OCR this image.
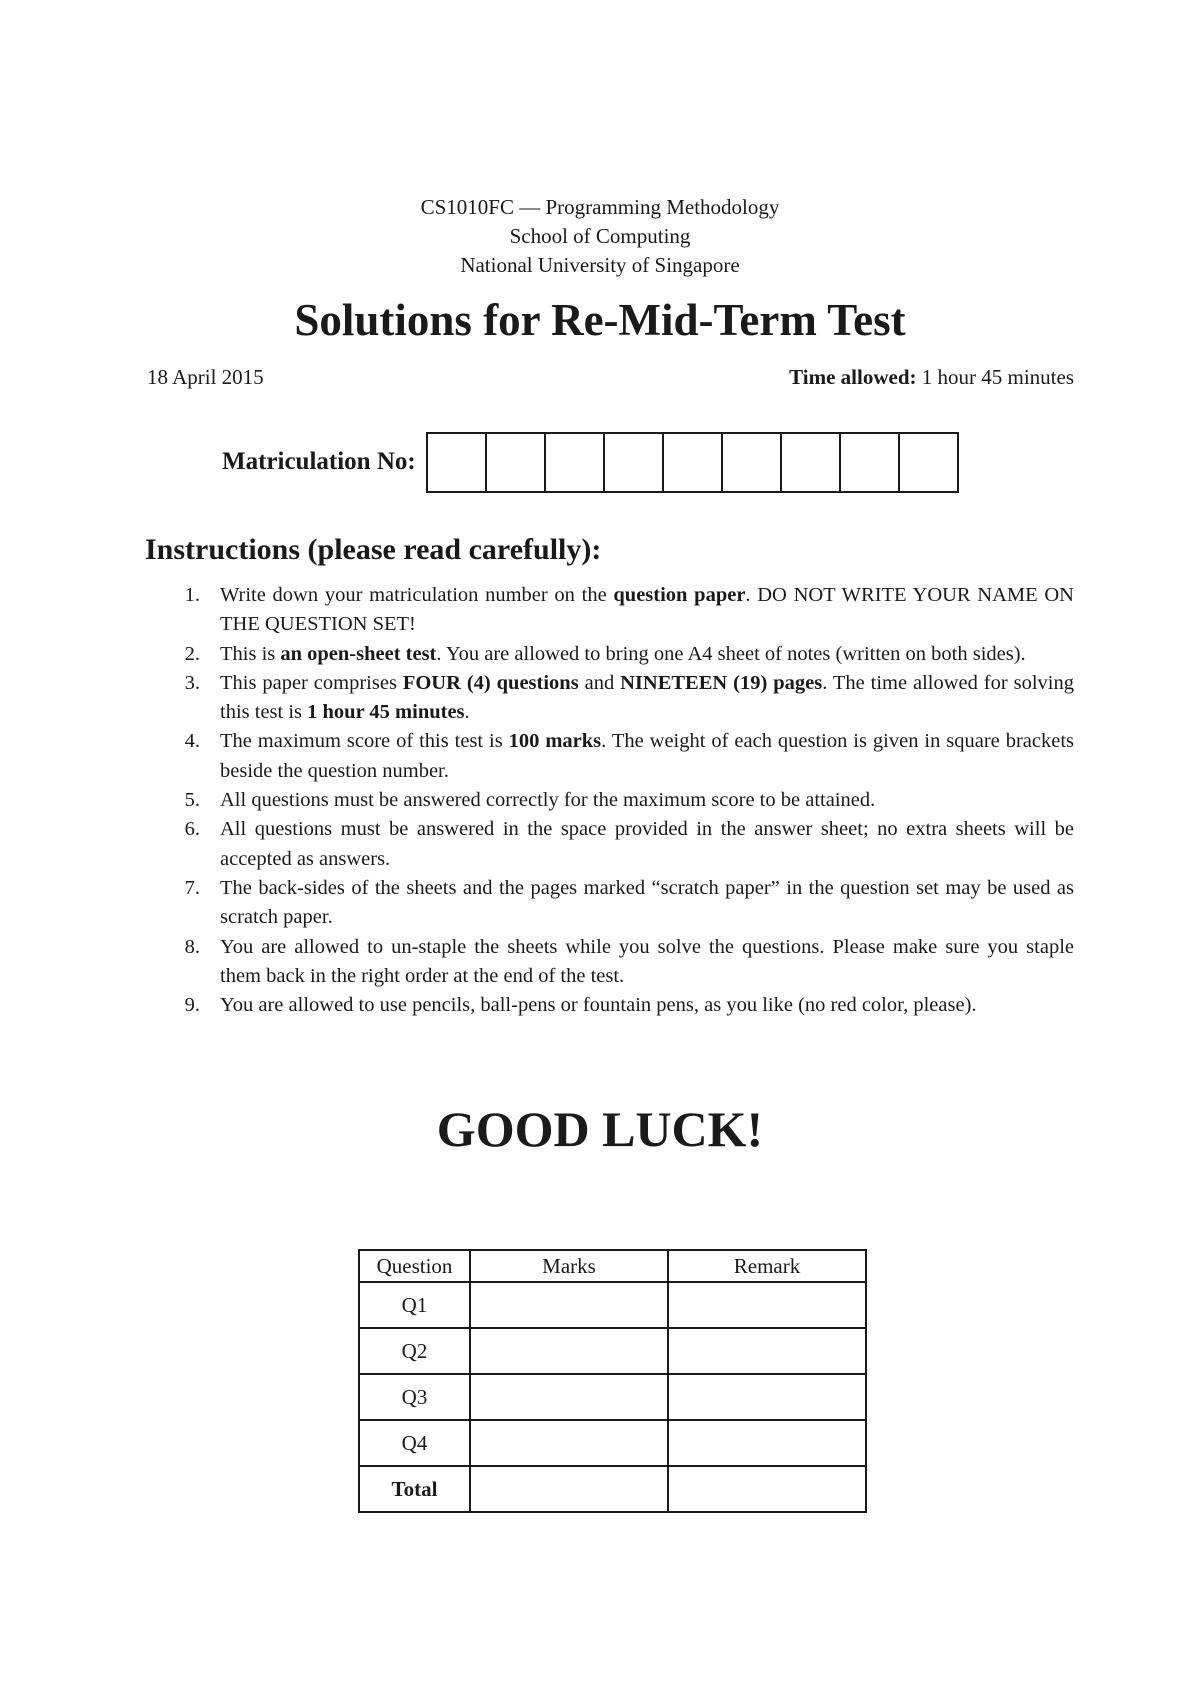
CS1010FC — Programming Methodology
School of Computing
National University of Singapore
Solutions for Re-Mid-Term Test
18 April 2015	Time allowed: 1 hour 45 minutes
Matriculation No:
Instructions (please read carefully):
1. Write down your matriculation number on the question paper. DO NOT WRITE YOUR NAME ON THE QUESTION SET!
2. This is an open-sheet test. You are allowed to bring one A4 sheet of notes (written on both sides).
3. This paper comprises FOUR (4) questions and NINETEEN (19) pages. The time allowed for solving this test is 1 hour 45 minutes.
4. The maximum score of this test is 100 marks. The weight of each question is given in square brackets beside the question number.
5. All questions must be answered correctly for the maximum score to be attained.
6. All questions must be answered in the space provided in the answer sheet; no extra sheets will be accepted as answers.
7. The back-sides of the sheets and the pages marked “scratch paper” in the question set may be used as scratch paper.
8. You are allowed to un-staple the sheets while you solve the questions. Please make sure you staple them back in the right order at the end of the test.
9. You are allowed to use pencils, ball-pens or fountain pens, as you like (no red color, please).
GOOD LUCK!
Question	Marks	Remark
Q1		
Q2		
Q3		
Q4		
Total		
